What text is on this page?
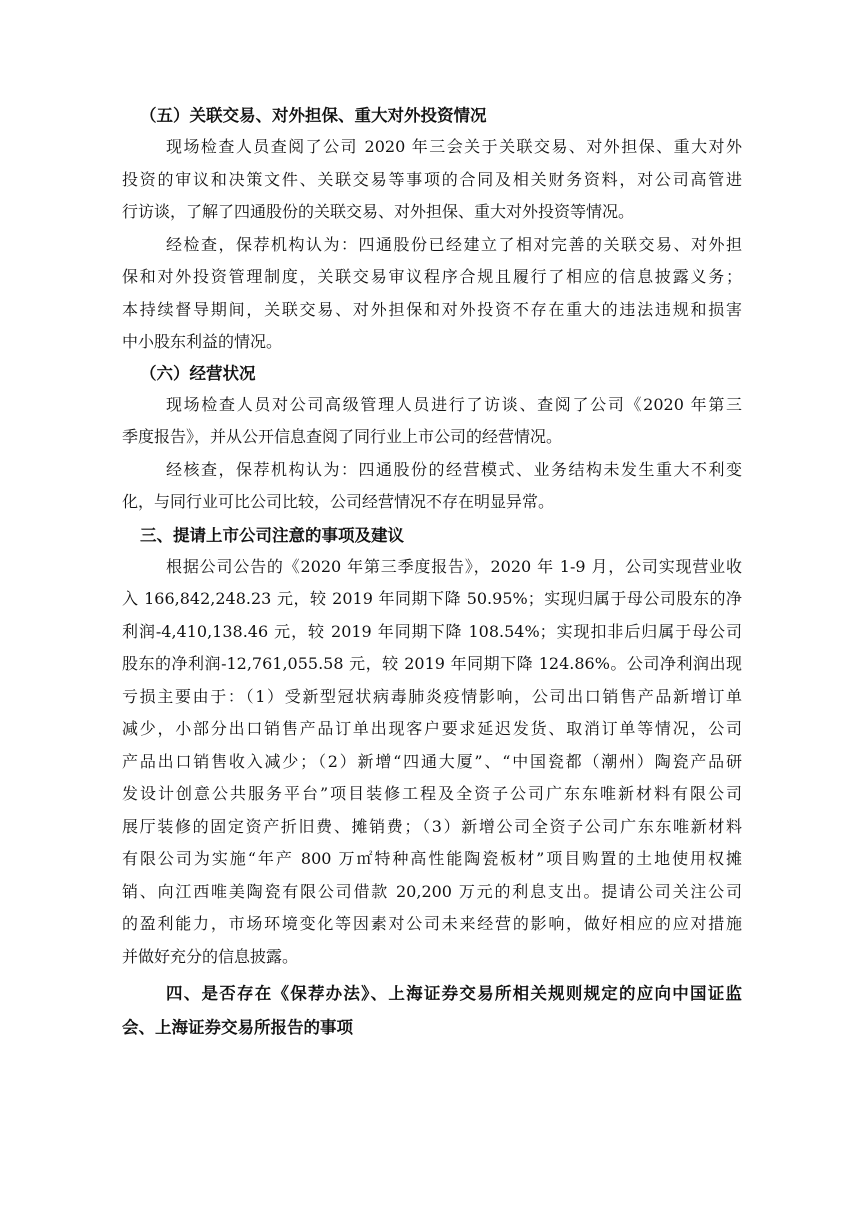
（五）关联交易、对外担保、重大对外投资情况
现场检查人员查阅了公司 2020 年三会关于关联交易、对外担保、重大对外
投资的审议和决策文件、关联交易等事项的合同及相关财务资料，对公司高管进
行访谈，了解了四通股份的关联交易、对外担保、重大对外投资等情况。
经检查，保荐机构认为：四通股份已经建立了相对完善的关联交易、对外担
保和对外投资管理制度，关联交易审议程序合规且履行了相应的信息披露义务；
本持续督导期间，关联交易、对外担保和对外投资不存在重大的违法违规和损害
中小股东利益的情况。
（六）经营状况
现场检查人员对公司高级管理人员进行了访谈、查阅了公司《2020 年第三
季度报告》，并从公开信息查阅了同行业上市公司的经营情况。
经核查，保荐机构认为：四通股份的经营模式、业务结构未发生重大不利变
化，与同行业可比公司比较，公司经营情况不存在明显异常。
三、提请上市公司注意的事项及建议
根据公司公告的《2020 年第三季度报告》，2020 年 1-9 月，公司实现营业收
入 166,842,248.23 元，较 2019 年同期下降 50.95%；实现归属于母公司股东的净
利润-4,410,138.46 元，较 2019 年同期下降 108.54%；实现扣非后归属于母公司
股东的净利润-12,761,055.58 元，较 2019 年同期下降 124.86%。公司净利润出现
亏损主要由于：（1）受新型冠状病毒肺炎疫情影响，公司出口销售产品新增订单
减少，小部分出口销售产品订单出现客户要求延迟发货、取消订单等情况，公司
产品出口销售收入减少；（2）新增“四通大厦”、“中国瓷都（潮州）陶瓷产品研
发设计创意公共服务平台”项目装修工程及全资子公司广东东唯新材料有限公司
展厅装修的固定资产折旧费、摊销费；（3）新增公司全资子公司广东东唯新材料
有限公司为实施“年产 800 万㎡特种高性能陶瓷板材”项目购置的土地使用权摊
销、向江西唯美陶瓷有限公司借款 20,200 万元的利息支出。提请公司关注公司
的盈利能力，市场环境变化等因素对公司未来经营的影响，做好相应的应对措施
并做好充分的信息披露。
四、是否存在《保荐办法》、上海证券交易所相关规则规定的应向中国证监
会、上海证券交易所报告的事项
